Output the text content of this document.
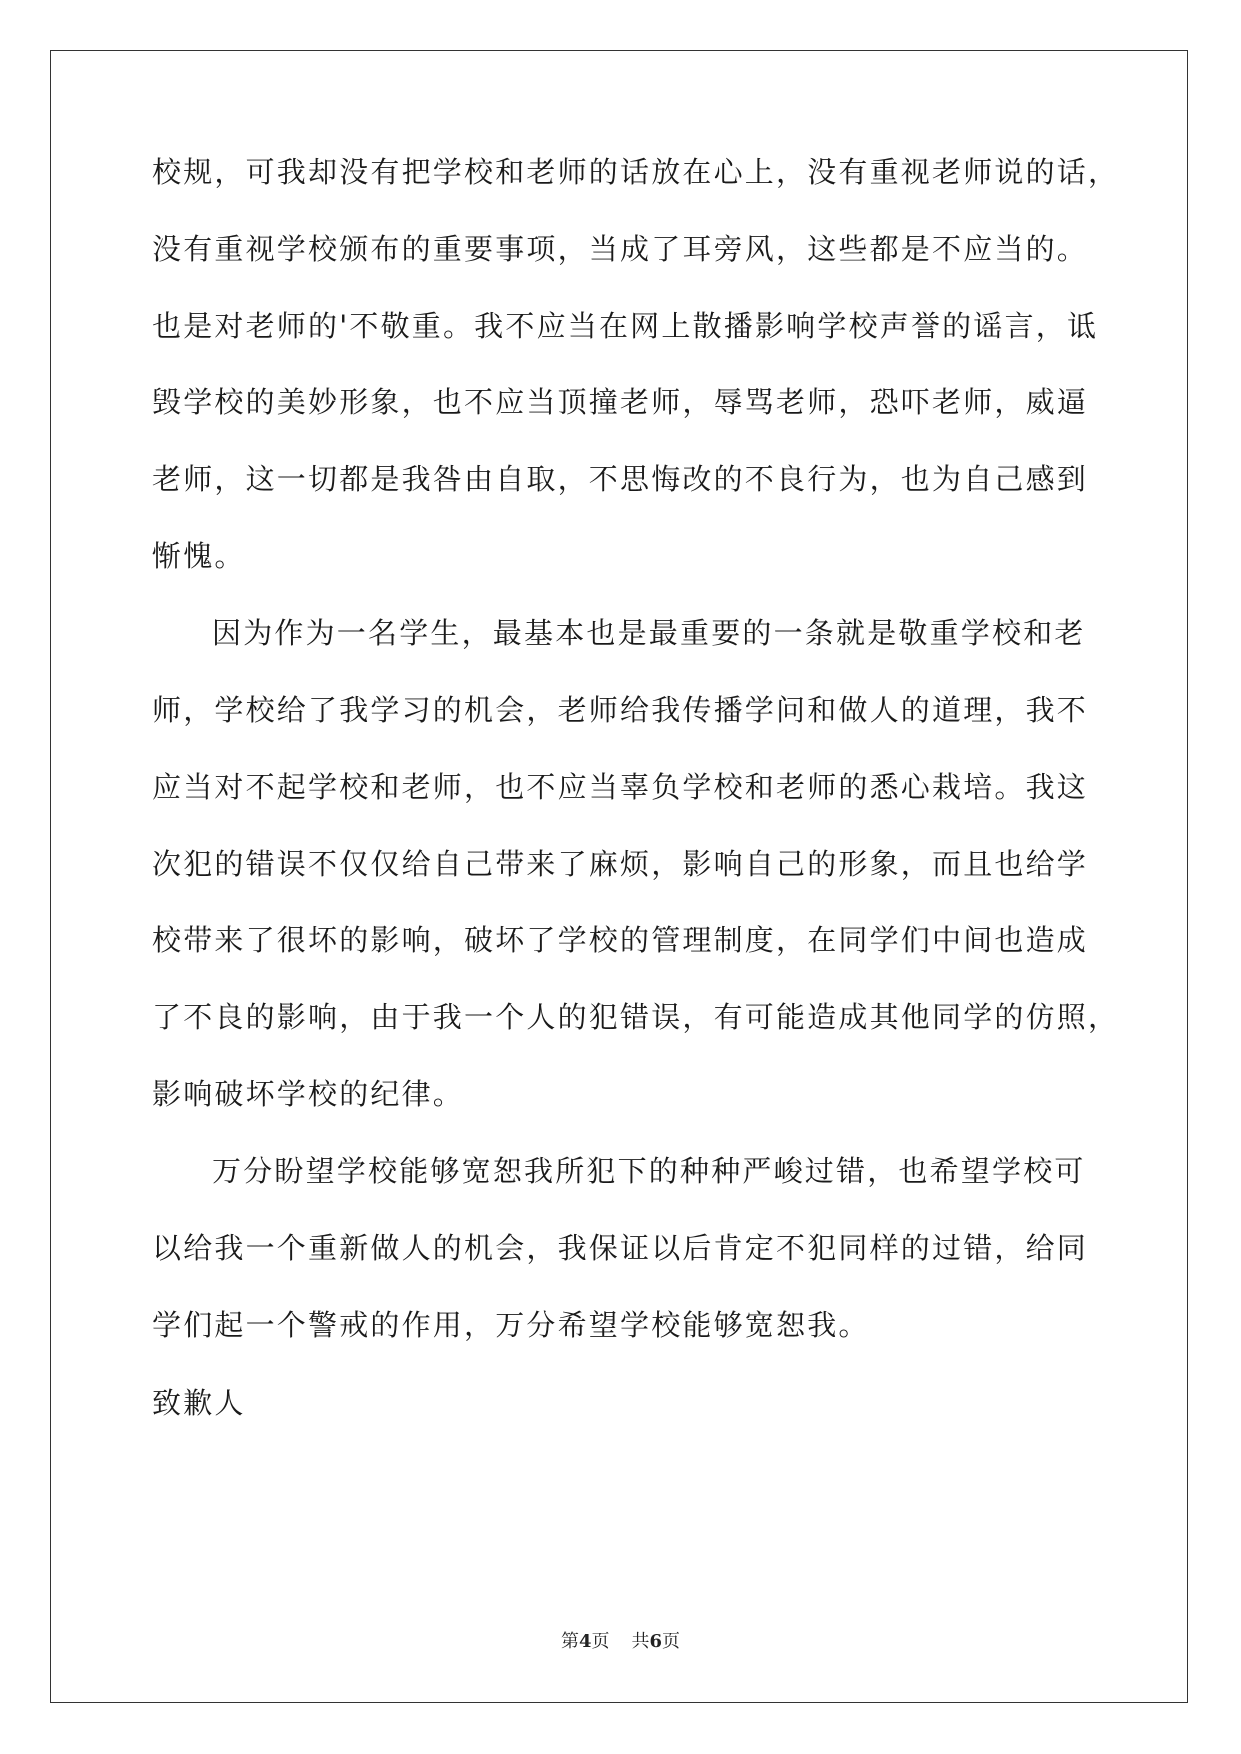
校规，可我却没有把学校和老师的话放在心上，没有重视老师说的话，
没有重视学校颁布的重要事项，当成了耳旁风，这些都是不应当的。
也是对老师的'不敬重。我不应当在网上散播影响学校声誉的谣言，诋
毁学校的美妙形象，也不应当顶撞老师，辱骂老师，恐吓老师，威逼
老师，这一切都是我咎由自取，不思悔改的不良行为，也为自己感到
惭愧。
因为作为一名学生，最基本也是最重要的一条就是敬重学校和老
师，学校给了我学习的机会，老师给我传播学问和做人的道理，我不
应当对不起学校和老师，也不应当辜负学校和老师的悉心栽培。我这
次犯的错误不仅仅给自己带来了麻烦，影响自己的形象，而且也给学
校带来了很坏的影响，破坏了学校的管理制度，在同学们中间也造成
了不良的影响，由于我一个人的犯错误，有可能造成其他同学的仿照，
影响破坏学校的纪律。
万分盼望学校能够宽恕我所犯下的种种严峻过错，也希望学校可
以给我一个重新做人的机会，我保证以后肯定不犯同样的过错，给同
学们起一个警戒的作用，万分希望学校能够宽恕我。
致歉人
第4页 共6页
